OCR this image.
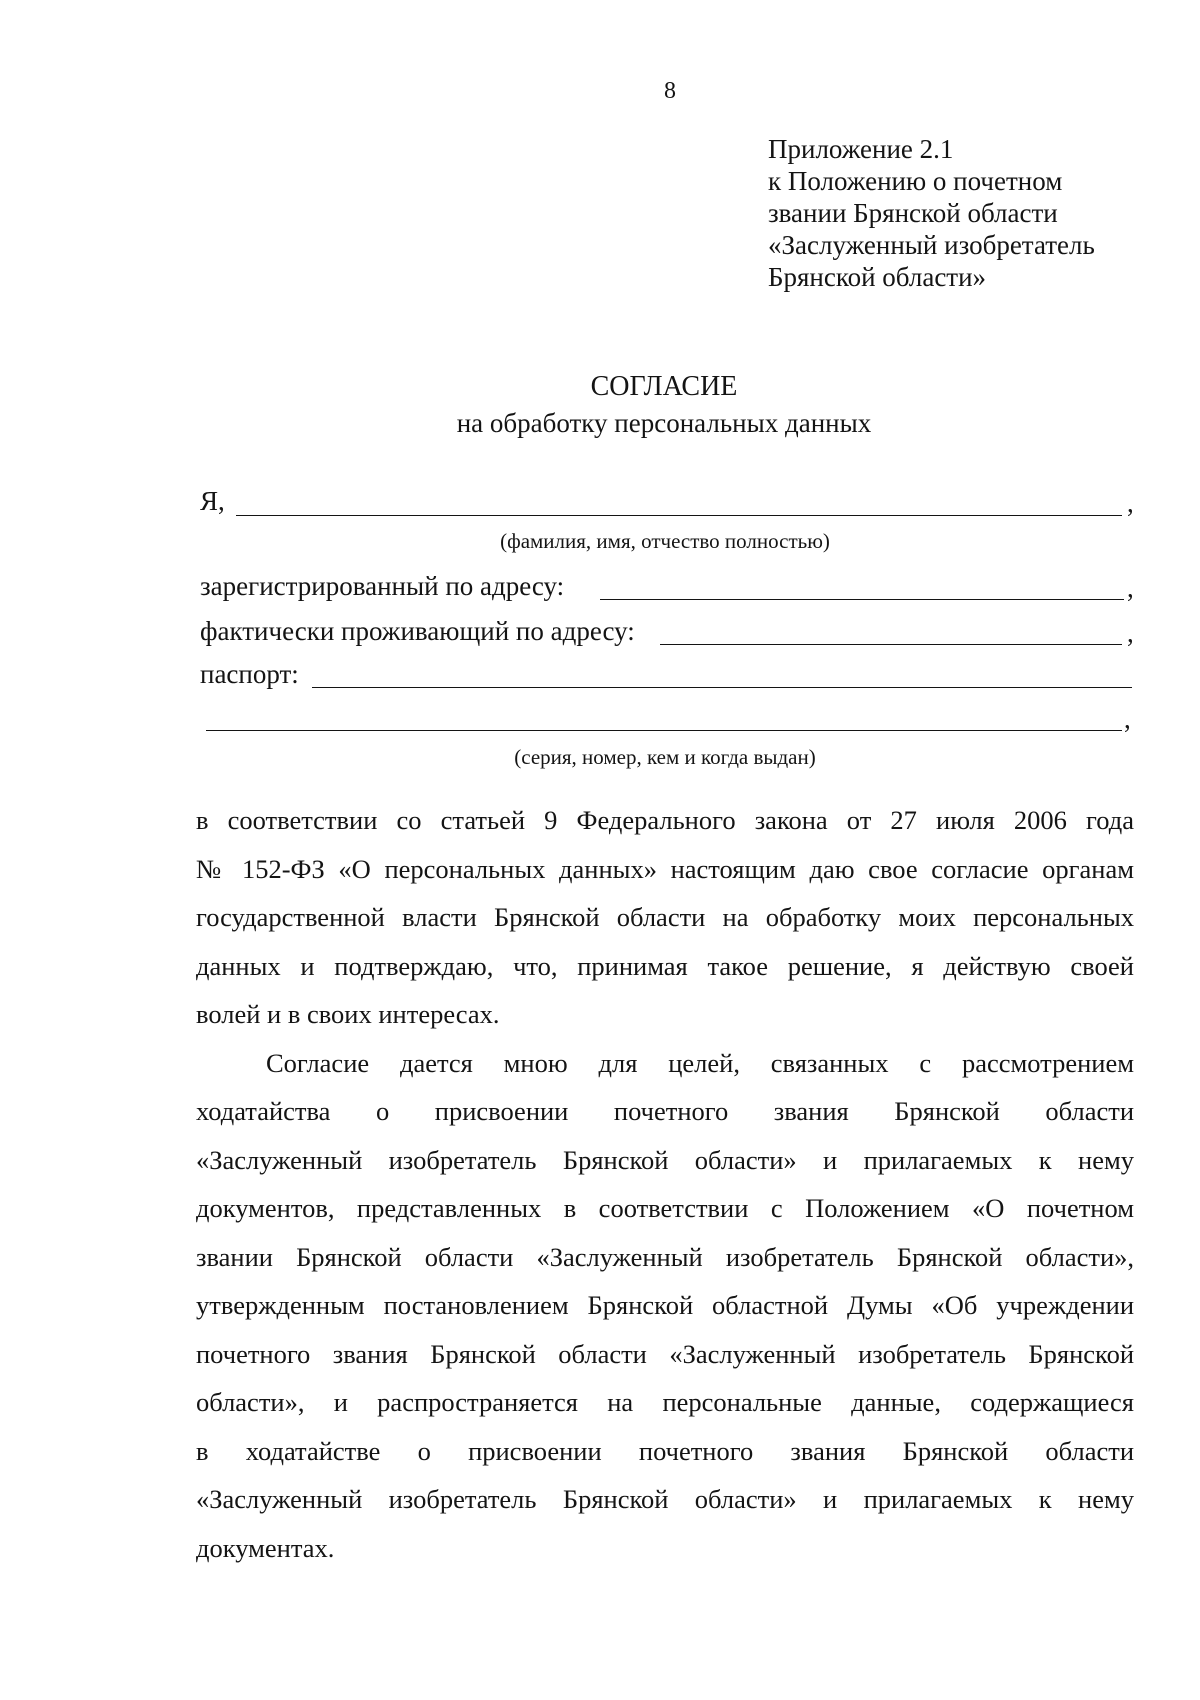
8
Приложение 2.1
к Положению о почетном
звании Брянской области
«Заслуженный изобретатель
Брянской области»
СОГЛАСИЕ
на обработку персональных данных
Я,	,
(фамилия, имя, отчество полностью)
зарегистрированный по адресу:	,
фактически проживающий по адресу:	,
паспорт:
,
(серия, номер, кем и когда выдан)
в соответствии со статьей 9 Федерального закона от 27 июля 2006 года
№ 152-ФЗ «О персональных данных» настоящим даю свое согласие органам
государственной власти Брянской области на обработку моих персональных
данных и подтверждаю, что, принимая такое решение, я действую своей
волей и в своих интересах.
Согласие дается мною для целей, связанных с рассмотрением
ходатайства о присвоении почетного звания Брянской области
«Заслуженный изобретатель Брянской области» и прилагаемых к нему
документов, представленных в соответствии с Положением «О почетном
звании Брянской области «Заслуженный изобретатель Брянской области»,
утвержденным постановлением Брянской областной Думы «Об учреждении
почетного звания Брянской области «Заслуженный изобретатель Брянской
области», и распространяется на персональные данные, содержащиеся
в ходатайстве о присвоении почетного звания Брянской области
«Заслуженный изобретатель Брянской области» и прилагаемых к нему
документах.
